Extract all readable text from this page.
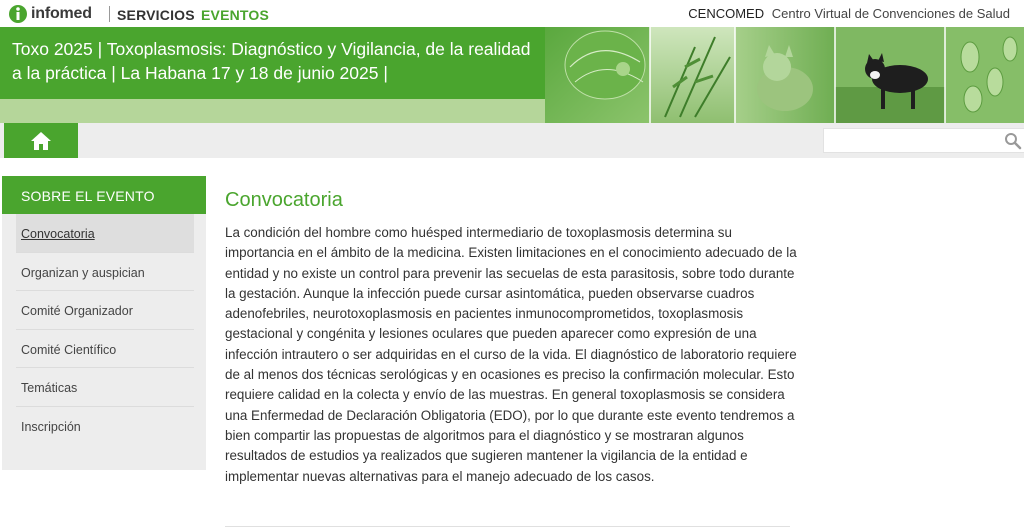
infomed SERVICIOS EVENTOS	CENCOMED Centro Virtual de Convenciones de Salud
Toxo 2025 | Toxoplasmosis: Diagnóstico y Vigilancia, de la realidad a la práctica | La Habana 17 y 18 de junio 2025 |
SOBRE EL EVENTO
Convocatoria
Organizan y auspician
Comité Organizador
Comité Científico
Temáticas
Inscripción
Convocatoria

La condición del hombre como huésped intermediario de toxoplasmosis determina su importancia en el ámbito de la medicina. Existen limitaciones en el conocimiento adecuado de la entidad y no existe un control para prevenir las secuelas de esta parasitosis, sobre todo durante la gestación. Aunque la infección puede cursar asintomática, pueden observarse cuadros adenofebriles, neurotoxoplasmosis en pacientes inmunocomprometidos, toxoplasmosis gestacional y congénita y lesiones oculares que pueden aparecer como expresión de una infección intrautero o ser adquiridas en el curso de la vida. El diagnóstico de laboratorio requiere de al menos dos técnicas serológicas y en ocasiones es preciso la confirmación molecular. Esto requiere calidad en la colecta y envío de las muestras. En general toxoplasmosis se considera una Enfermedad de Declaración Obligatoria (EDO), por lo que durante este evento tendremos a bien compartir las propuestas de algoritmos para el diagnóstico y se mostraran algunos resultados de estudios ya realizados que sugieren mantener la vigilancia de la entidad e implementar nuevas alternativas para el manejo adecuado de los casos.
